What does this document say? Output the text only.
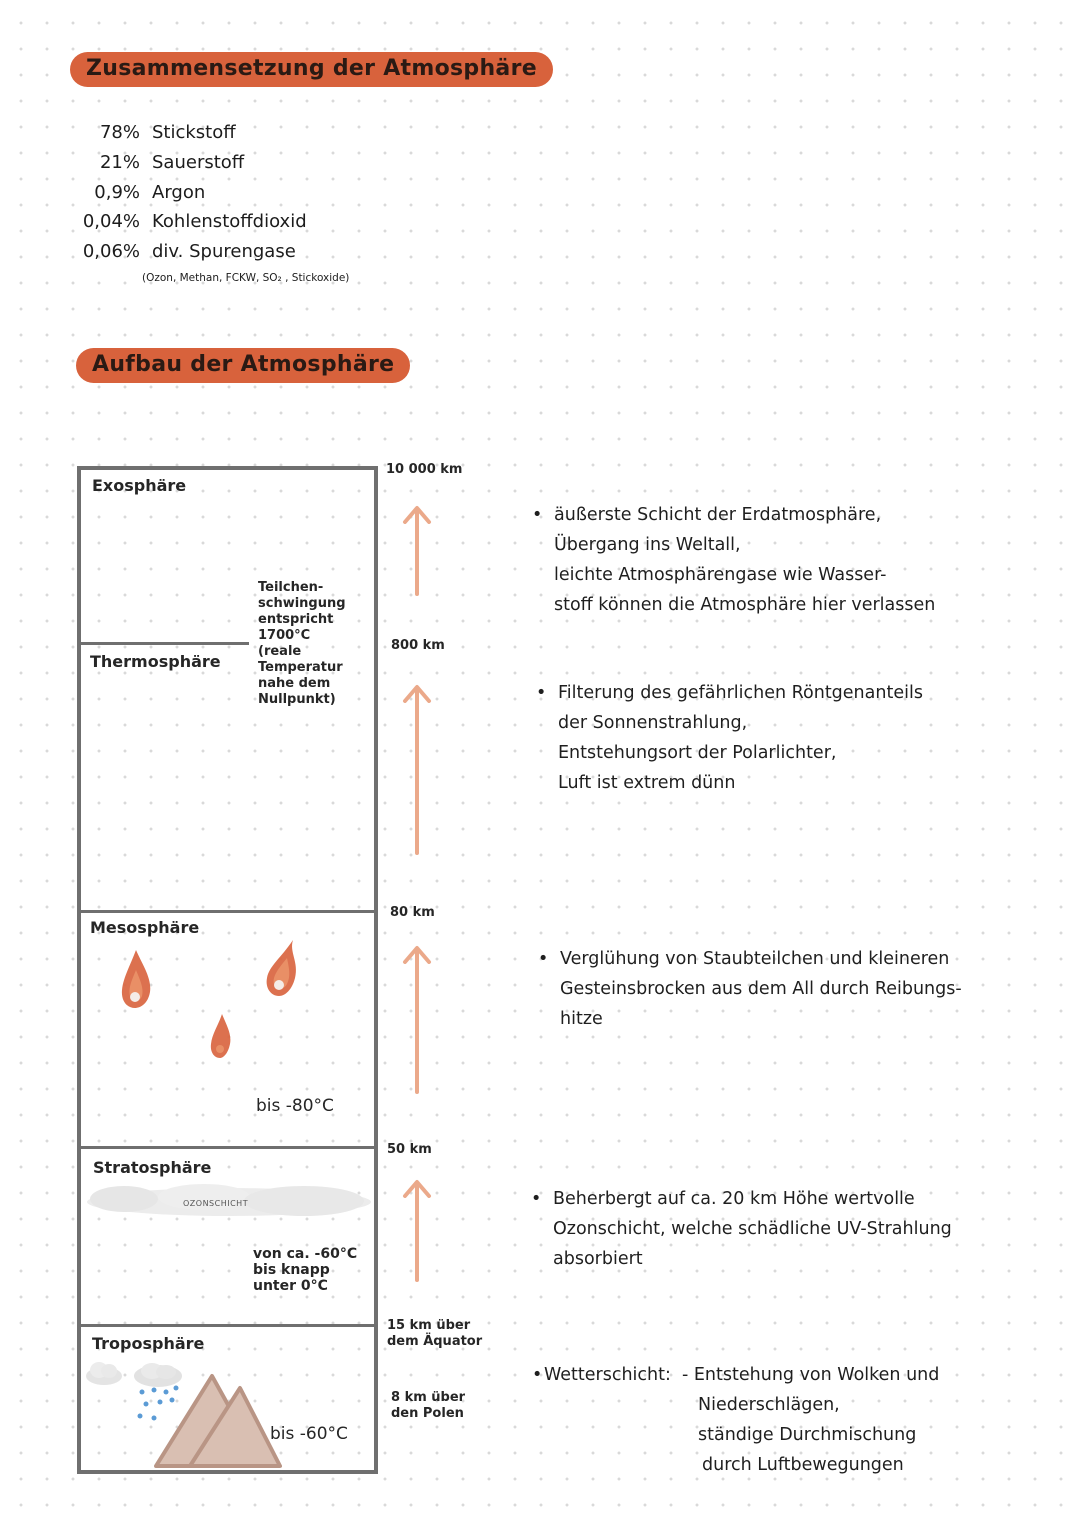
Zusammensetzung der Atmosphäre
78% Stickstoff
21% Sauerstoff
0,9% Argon
0,04% Kohlenstoffdioxid
0,06% div. Spurengase
(Ozon, Methan, FCKW, SO₂ , Stickoxide)
Aufbau der Atmosphäre
Exosphäre
Thermosphäre
Mesosphäre
Stratosphäre
Troposphäre
Teilchen-
schwingung
entspricht
1700°C
(reale
Temperatur
nahe dem
Nullpunkt)
bis -80°C
OZONSCHICHT
von ca. -60°C
bis knapp
unter 0°C
bis -60°C
10 000 km
800 km
80 km
50 km
15 km über
dem Äquator
8 km über
den Polen
• äußerste Schicht der Erdatmosphäre,
Übergang ins Weltall,
leichte Atmosphärengase wie Wasser-
stoff können die Atmosphäre hier verlassen
• Filterung des gefährlichen Röntgenanteils
der Sonnenstrahlung,
Entstehungsort der Polarlichter,
Luft ist extrem dünn
• Verglühung von Staubteilchen und kleineren
Gesteinsbrocken aus dem All durch Reibungs-
hitze
• Beherbergt auf ca. 20 km Höhe wertvolle
Ozonschicht, welche schädliche UV-Strahlung
absorbiert
• Wetterschicht: - Entstehung von Wolken und
Niederschlägen,
ständige Durchmischung
durch Luftbewegungen
